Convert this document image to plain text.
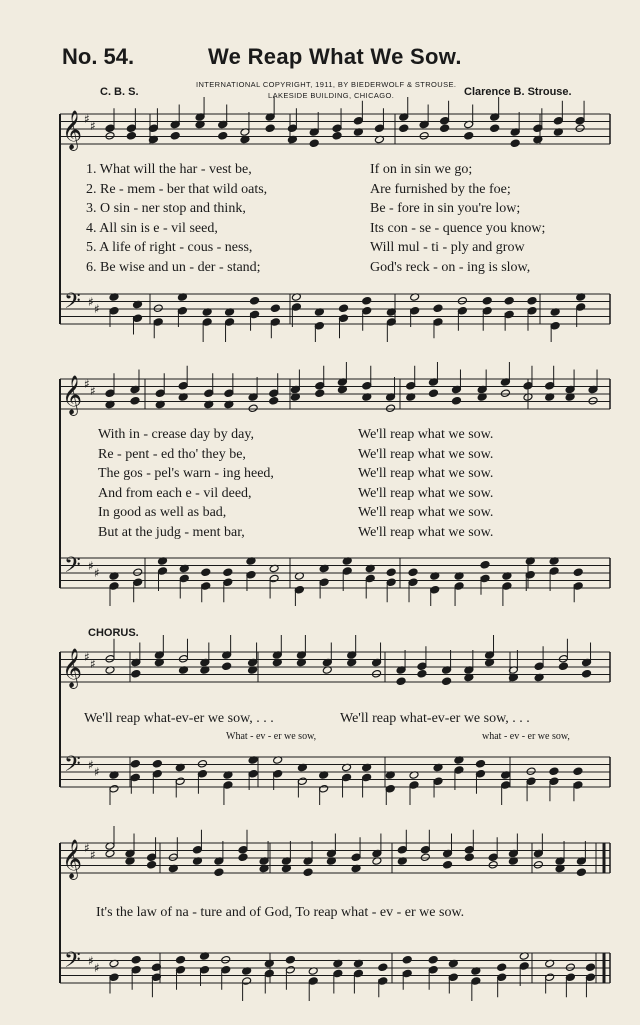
No. 54.	We Reap What We Sow.
INTERNATIONAL COPYRIGHT, 1911, BY BIEDERWOLF & STROUSE.
LAKESIDE BUILDING, CHICAGO.
C. B. S.	Clarence B. Strouse.
𝄞 ♯ ♯
𝄢 ♯ ♯
𝄞 ♯ ♯
𝄢 ♯ ♯
𝄞 ♯ ♯
𝄢 ♯ ♯
𝄞 ♯ ♯
𝄢 ♯ ♯
1. What will the har - vest be,	If on in sin we go;
2. Re - mem - ber that wild oats,	Are furnished by the foe;
3. O sin - ner stop and think,	Be - fore in sin you're low;
4. All sin is e - vil seed,	Its con - se - quence you know;
5. A life of right - cous - ness,	Will mul - ti - ply and grow
6. Be wise and un - der - stand;	God's reck - on - ing is slow,
With in - crease day by day,	We'll reap what we sow.
Re - pent - ed tho' they be,	We'll reap what we sow.
The gos - pel's warn - ing heed,	We'll reap what we sow.
And from each e - vil deed,	We'll reap what we sow.
In good as well as bad,	We'll reap what we sow.
But at the judg - ment bar,	We'll reap what we sow.
CHORUS.
We'll reap what-ev-er we sow, . . .	We'll reap what-ev-er we sow, . . .
What - ev - er we sow,	what - ev - er we sow,
It's the law of na - ture and of God, To reap what - ev - er we sow.
